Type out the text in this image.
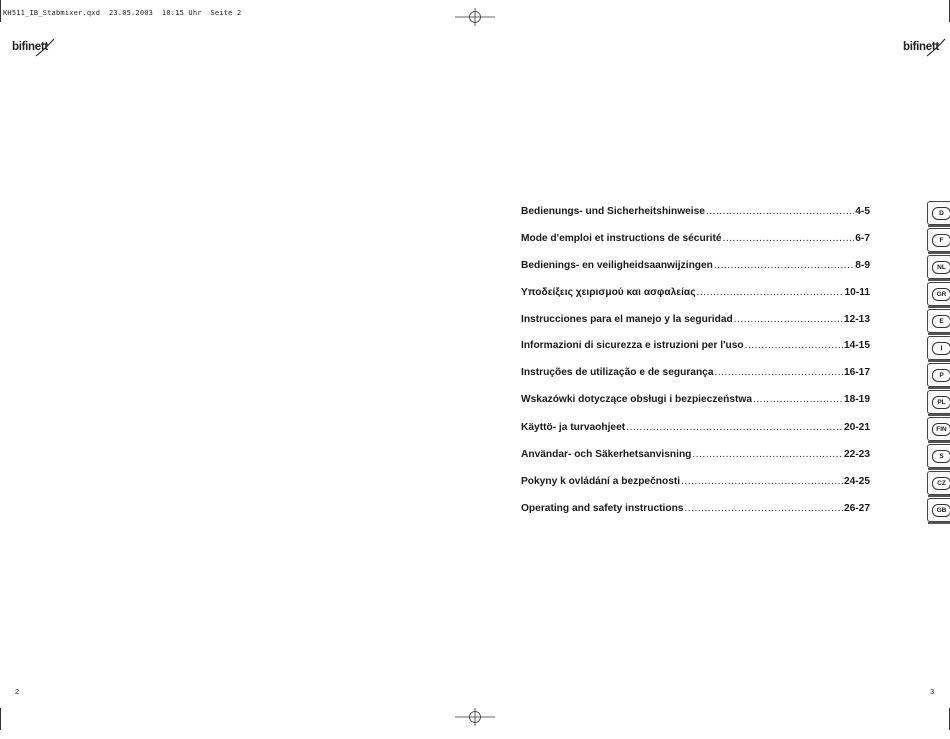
KH511_IB_Stabmixer.qxd  23.05.2003  10:15 Uhr  Seite 2
bifinett	bifinett
Bedienungs- und Sicherheitshinweise .....	4-5
Mode d'emploi et instructions de sécurité .....	6-7
Bedienings- en veiligheidsaanwijzingen .....	8-9
Υποδείξεις χειρισμού και ασφαλείας .....	10-11
Instrucciones para el manejo y la seguridad .....	12-13
Informazioni di sicurezza e istruzioni per l'uso .....	14-15
Instruções de utilização e de segurança .....	16-17
Wskazówki dotyczące obsługi i bezpieczeństwa .....	18-19
Käyttö- ja turvaohjeet .....	20-21
Användar- och Säkerhetsanvisning .....	22-23
Pokyny k ovládání a bezpečnosti .....	24-25
Operating and safety instructions .....	26-27
D
F
NL
GR
E
I
P
PL
FIN
S
CZ
GB
2	3
